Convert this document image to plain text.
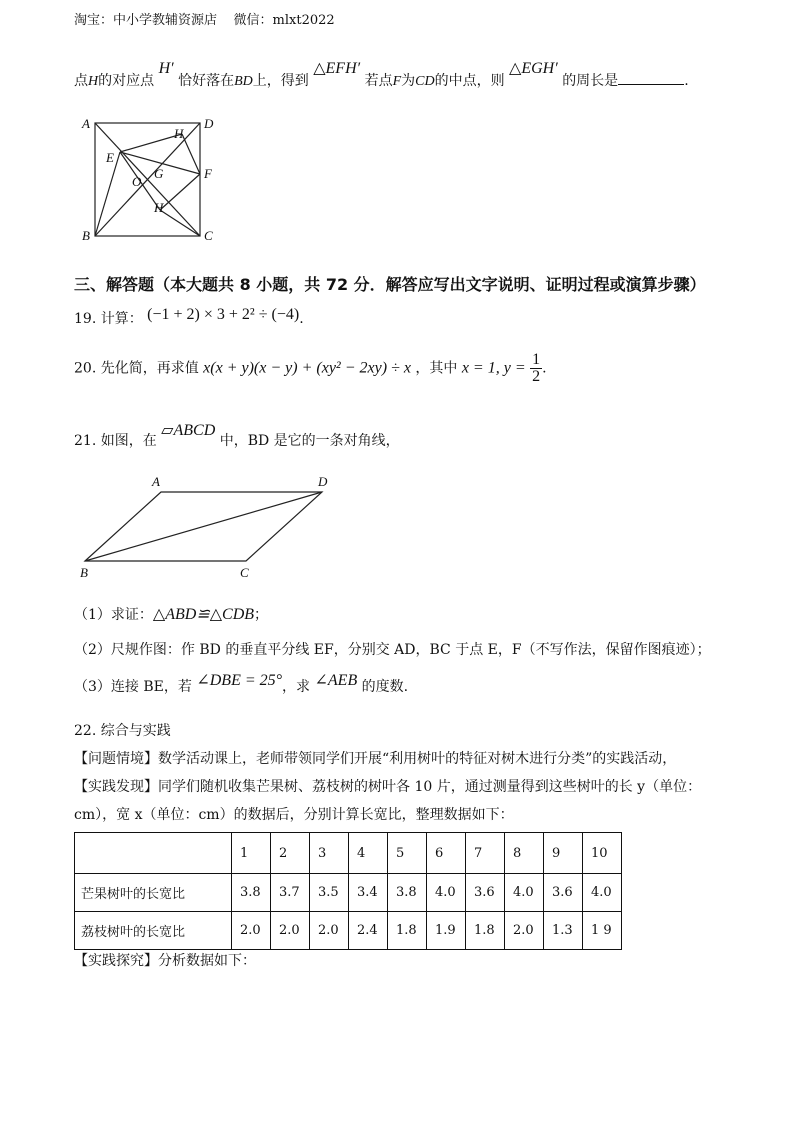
淘宝：中小学教辅资源店 微信：mlxt2022
点H的对应点 H′ 恰好落在BD上，得到 △EFH′ 若点F为CD的中点，则 △EGH′ 的周长是	.
A	D
E
H
O
G	F
H
B	C
三、解答题（本大题共 8 小题，共 72 分．解答应写出文字说明、证明过程或演算步骤）
19. 计算： (−1 + 2) × 3 + 2² ÷ (−4).
20. 先化简，再求值 x(x + y)(x − y) + (xy² − 2xy) ÷ x ，其中 x = 1, $y = \frac{1}{2}$ .
21. 如图，在 ▱ABCD 中，BD 是它的一条对角线，
A	D
B	C
（1）求证：△ABD≌△CDB；
（2）尺规作图：作 BD 的垂直平分线 EF，分别交 AD，BC 于点 E，F（不写作法，保留作图痕迹）；
（3）连接 BE，若 ∠DBE = 25°，求 ∠AEB 的度数.
22. 综合与实践
【问题情境】数学活动课上，老师带领同学们开展“利用树叶的特征对树木进行分类”的实践活动，
【实践发现】同学们随机收集芒果树、荔枝树的树叶各 10 片，通过测量得到这些树叶的长 y（单位：
cm），宽 x（单位：cm）的数据后，分别计算长宽比，整理数据如下：
	1	2	3	4	5	6	7	8	9	10
芒果树叶的长宽比	3.8	3.7	3.5	3.4	3.8	4.0	3.6	4.0	3.6	4.0
荔枝树叶的长宽比	2.0	2.0	2.0	2.4	1.8	1.9	1.8	2.0	1.3	1 9
【实践探究】分析数据如下：
